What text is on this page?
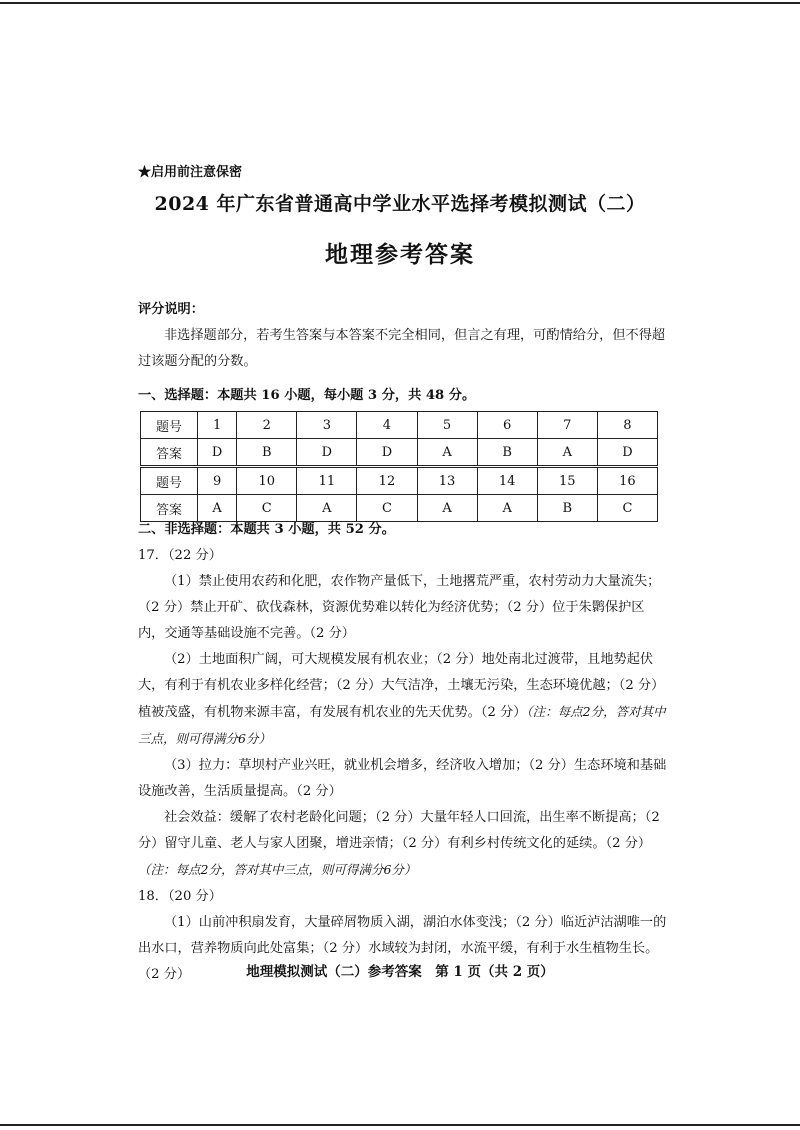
★启用前注意保密
2024 年广东省普通高中学业水平选择考模拟测试（二）
地理参考答案
评分说明：
非选择题部分，若考生答案与本答案不完全相同，但言之有理，可酌情给分，但不得超过该题分配的分数。
一、选择题：本题共 16 小题，每小题 3 分，共 48 分。
题号	1	2	3	4	5	6	7	8
答案	D	B	D	D	A	B	A	D
题号	9	10	11	12	13	14	15	16
答案	A	C	A	C	A	A	B	C
二、非选择题：本题共 3 小题，共 52 分。
17．（22 分）
（1）禁止使用农药和化肥，农作物产量低下，土地撂荒严重，农村劳动力大量流失；（2 分）禁止开矿、砍伐森林，资源优势难以转化为经济优势；（2 分）位于朱鹮保护区内，交通等基础设施不完善。（2 分）
（2）土地面积广阔，可大规模发展有机农业；（2 分）地处南北过渡带，且地势起伏大，有利于有机农业多样化经营；（2 分）大气洁净，土壤无污染，生态环境优越；（2 分）植被茂盛，有机物来源丰富，有发展有机农业的先天优势。（2 分）（注：每点2分，答对其中三点，则可得满分6分）
（3）拉力：草坝村产业兴旺，就业机会增多，经济收入增加；（2 分）生态环境和基础设施改善，生活质量提高。（2 分）
社会效益：缓解了农村老龄化问题；（2 分）大量年轻人口回流，出生率不断提高；（2 分）留守儿童、老人与家人团聚，增进亲情；（2 分）有利乡村传统文化的延续。（2 分）（注：每点2分，答对其中三点，则可得满分6分）
18．（20 分）
（1）山前冲积扇发育，大量碎屑物质入湖，湖泊水体变浅；（2 分）临近泸沽湖唯一的出水口，营养物质向此处富集；（2 分）水域较为封闭，水流平缓，有利于水生植物生长。（2 分）	地理模拟测试（二）参考答案　第 1 页（共 2 页）
